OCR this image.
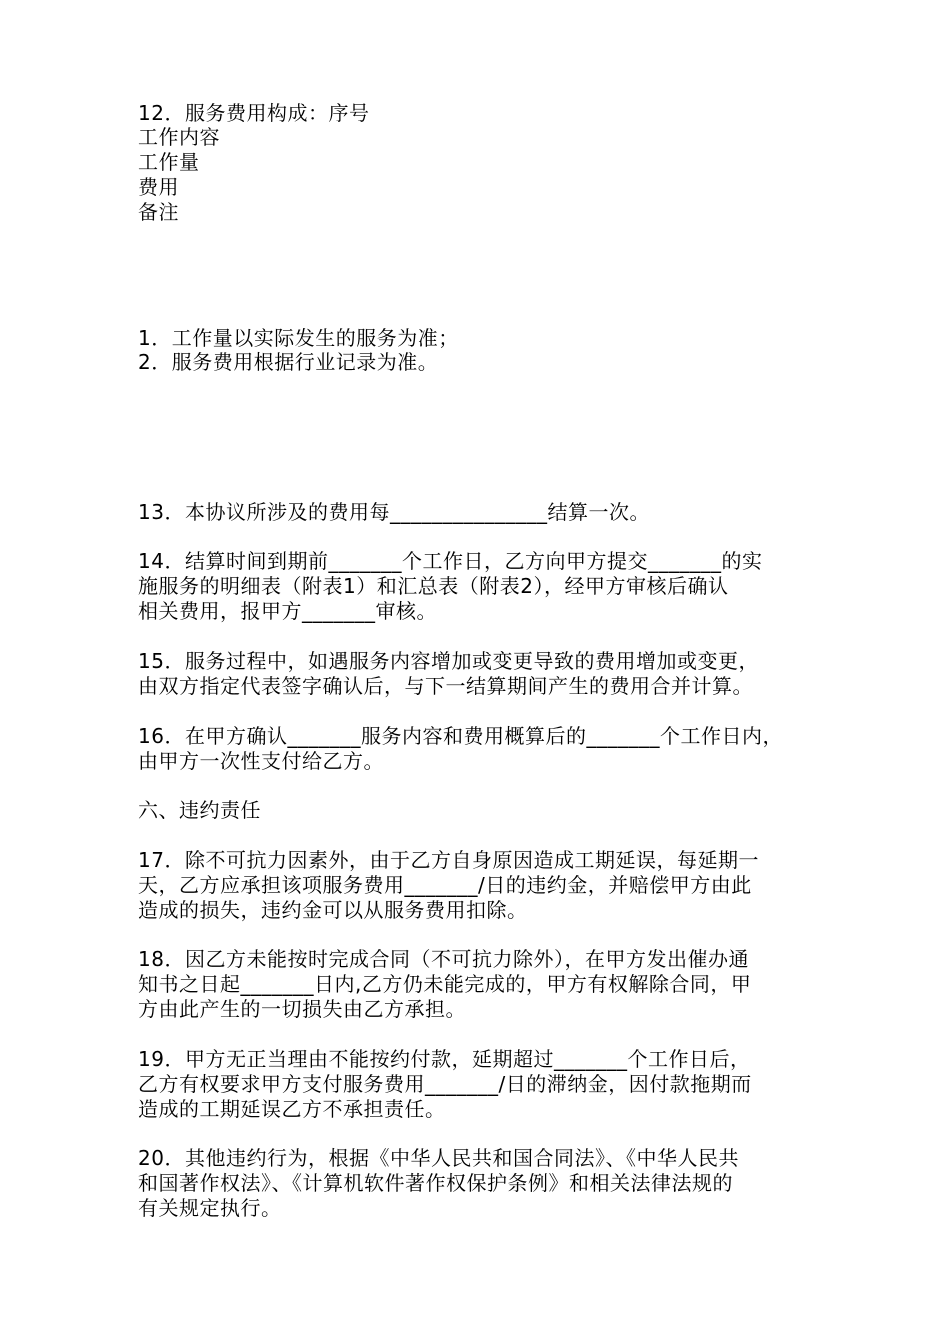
12．服务费用构成：序号
工作内容
工作量
费用
备注
1．工作量以实际发生的服务为准；
2．服务费用根据行业记录为准。
13．本协议所涉及的费用每_______________结算一次。
14．结算时间到期前_______个工作日，乙方向甲方提交_______的实
施服务的明细表（附表1）和汇总表（附表2），经甲方审核后确认
相关费用，报甲方_______审核。
15．服务过程中，如遇服务内容增加或变更导致的费用增加或变更，
由双方指定代表签字确认后，与下一结算期间产生的费用合并计算。
16．在甲方确认_______服务内容和费用概算后的_______个工作日内，
由甲方一次性支付给乙方。
六、违约责任
17．除不可抗力因素外，由于乙方自身原因造成工期延误，每延期一
天，乙方应承担该项服务费用_______/日的违约金，并赔偿甲方由此
造成的损失，违约金可以从服务费用扣除。
18．因乙方未能按时完成合同（不可抗力除外），在甲方发出催办通
知书之日起_______日内,乙方仍未能完成的，甲方有权解除合同，甲
方由此产生的一切损失由乙方承担。
19．甲方无正当理由不能按约付款，延期超过_______个工作日后，
乙方有权要求甲方支付服务费用_______/日的滞纳金，因付款拖期而
造成的工期延误乙方不承担责任。
20．其他违约行为，根据《中华人民共和国合同法》、《中华人民共
和国著作权法》、《计算机软件著作权保护条例》和相关法律法规的
有关规定执行。
